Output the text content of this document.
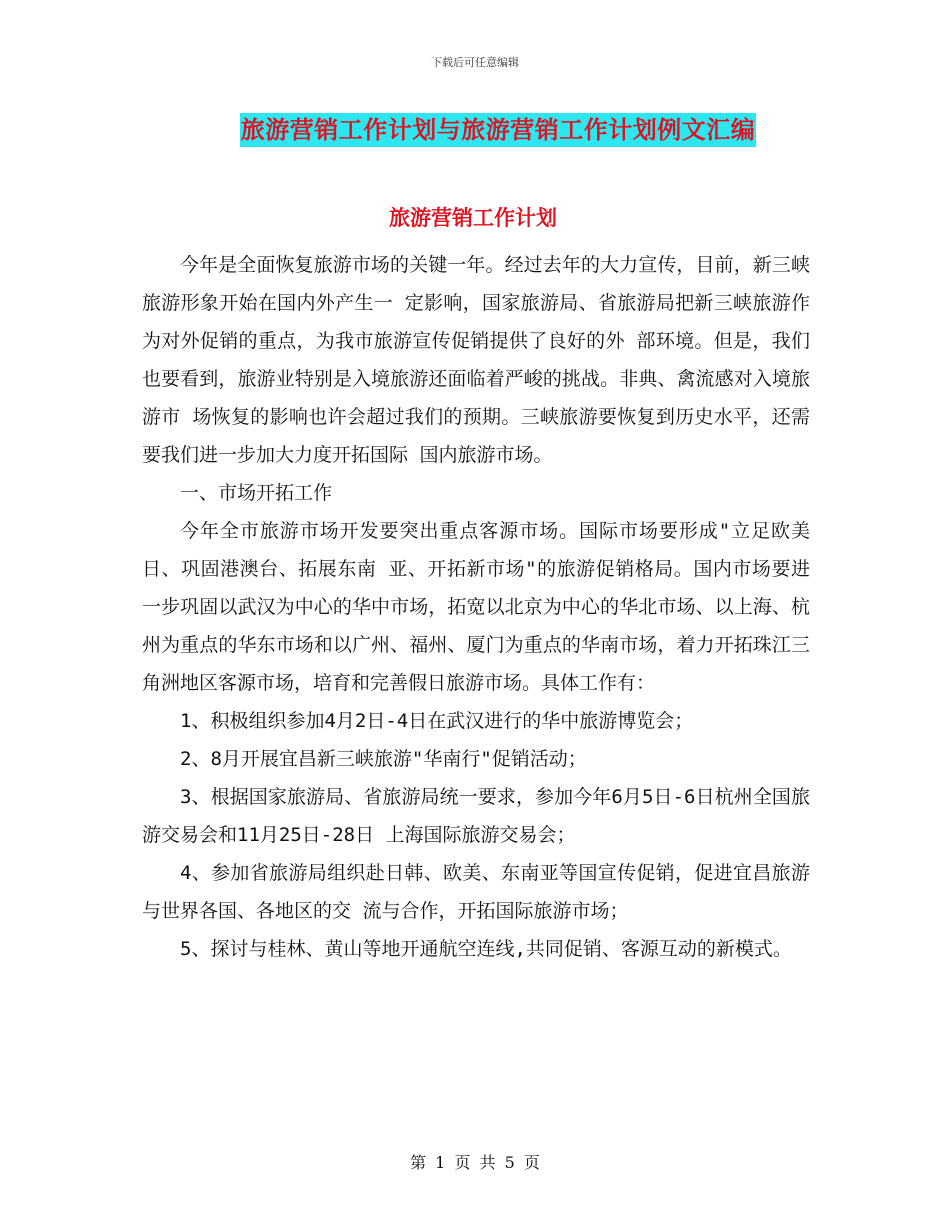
下载后可任意编辑
旅游营销工作计划与旅游营销工作计划例文汇编
旅游营销工作计划

今年是全面恢复旅游市场的关键一年。经过去年的大力宣传，目前，新三峡旅游形象开始在国内外产生一 定影响，国家旅游局、省旅游局把新三峡旅游作为对外促销的重点，为我市旅游宣传促销提供了良好的外 部环境。但是，我们也要看到，旅游业特别是入境旅游还面临着严峻的挑战。非典、禽流感对入境旅游市 场恢复的影响也许会超过我们的预期。三峡旅游要恢复到历史水平，还需要我们进一步加大力度开拓国际 国内旅游市场。

一、市场开拓工作

今年全市旅游市场开发要突出重点客源市场。国际市场要形成"立足欧美日、巩固港澳台、拓展东南 亚、开拓新市场"的旅游促销格局。国内市场要进一步巩固以武汉为中心的华中市场，拓宽以北京为中心的华北市场、以上海、杭州为重点的华东市场和以广州、福州、厦门为重点的华南市场，着力开拓珠江三 角洲地区客源市场，培育和完善假日旅游市场。具体工作有：

1、积极组织参加4月2日-4日在武汉进行的华中旅游博览会；

2、8月开展宜昌新三峡旅游"华南行"促销活动；

3、根据国家旅游局、省旅游局统一要求，参加今年6月5日-6日杭州全国旅游交易会和11月25日-28日 上海国际旅游交易会；

4、参加省旅游局组织赴日韩、欧美、东南亚等国宣传促销，促进宜昌旅游与世界各国、各地区的交 流与合作，开拓国际旅游市场；

5、探讨与桂林、黄山等地开通航空连线,共同促销、客源互动的新模式。

第 1 页 共 5 页
